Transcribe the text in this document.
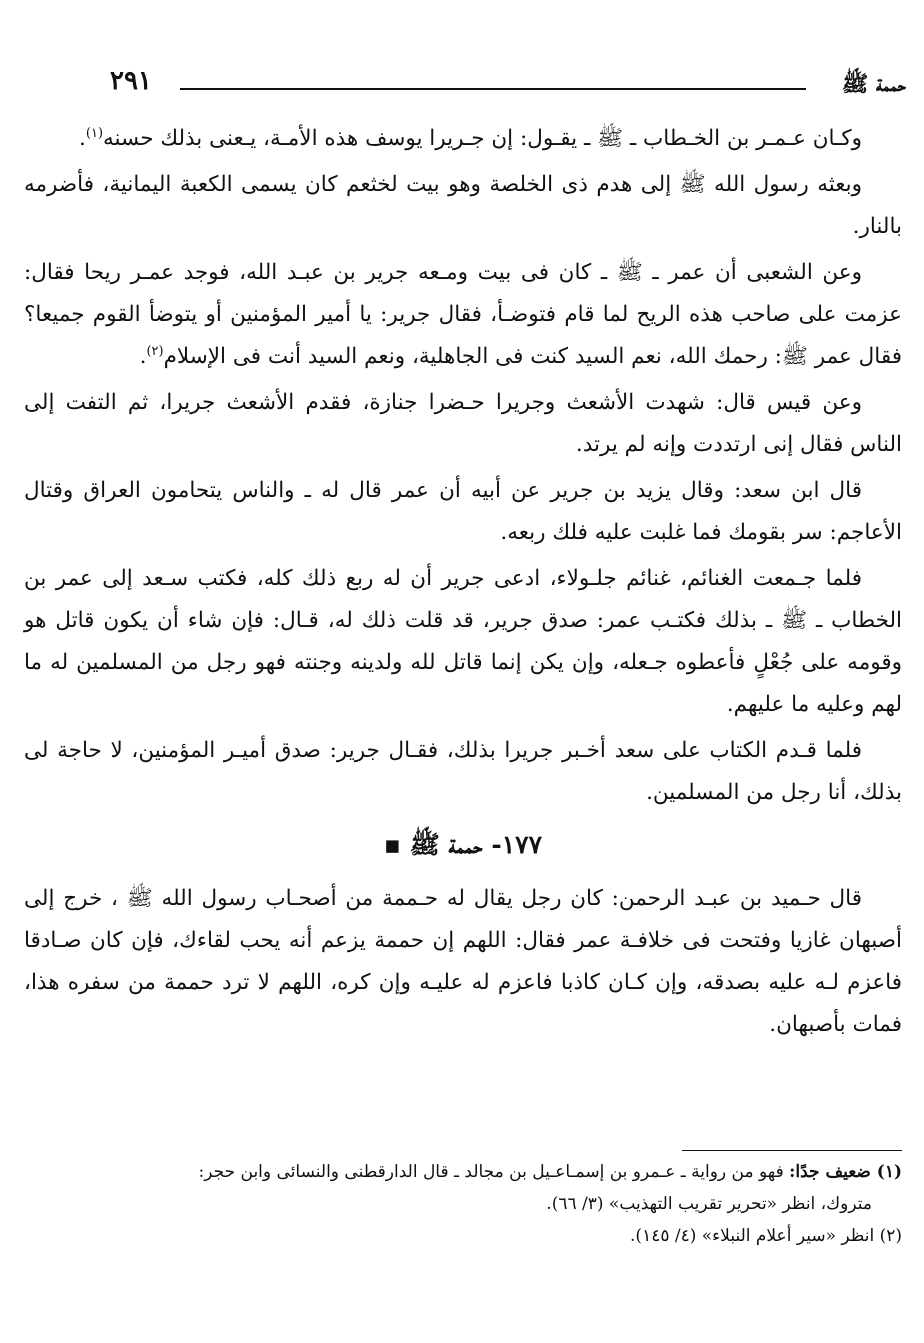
حممة ﷺ
٢٩١

وكـان عـمـر بن الخـطاب ـ ﷺ ـ يقـول: إن جـريرا يوسف هذه الأمـة، يـعنى بذلك حسنه$^{(١)}$.

وبعثه رسول الله ﷺ إلى هدم ذى الخلصة وهو بيت لخثعم كان يسمى الكعبة اليمانية، فأضرمه بالنار.

وعن الشعبى أن عمر ـ ﷺ ـ كان فى بيت ومـعه جرير بن عبـد الله، فوجد عمـر ريحا فقال: عزمت على صاحب هذه الريح لما قام فتوضـأ، فقال جرير: يا أمير المؤمنين أو يتوضأ القوم جميعا؟ فقال عمر ﷺ: رحمك الله، نعم السيد كنت فى الجاهلية، ونعم السيد أنت فى الإسلام$^{(٢)}$.

وعن قيس قال: شهدت الأشعث وجريرا حـضرا جنازة، فقدم الأشعث جريرا، ثم التفت إلى الناس فقال إنى ارتددت وإنه لم يرتد.

قال ابن سعد: وقال يزيد بن جرير عن أبيه أن عمر قال له ـ والناس يتحامون العراق وقتال الأعاجم: سر بقومك فما غلبت عليه فلك ربعه.

فلما جـمعت الغنائم، غنائم جلـولاء، ادعى جرير أن له ربع ذلك كله، فكتب سـعد إلى عمر بن الخطاب ـ ﷺ ـ بذلك فكتـب عمر: صدق جرير، قد قلت ذلك له، قـال: فإن شاء أن يكون قاتل هو وقومه على جُعْلٍ فأعطوه جـعله، وإن يكن إنما قاتل لله ولدينه وجنته فهو رجل من المسلمين له ما لهم وعليه ما عليهم.

فلما قـدم الكتاب على سعد أخـبر جريرا بذلك، فقـال جرير: صدق أميـر المؤمنين، لا حاجة لى بذلك، أنا رجل من المسلمين.

١٧٧- حممة ﷺ ▪

قال حـميد بن عبـد الرحمن: كان رجل يقال له حـممة من أصحـاب رسول الله ﷺ ، خرج إلى أصبهان غازيا وفتحت فى خلافـة عمر فقال: اللهم إن حممة يزعم أنه يحب لقاءك، فإن كان صـادقا فاعزم لـه عليه بصدقه، وإن كـان كاذبا فاعزم له عليـه وإن كره، اللهم لا ترد حممة من سفره هذا، فمات بأصبهان.

(١) ضعيف جدًا: فهو من رواية ـ عـمرو بن إسمـاعـيل بن مجالد ـ قال الدارقطنى والنسائى وابن حجر:

متروك، انظر «تحرير تقريب التهذيب» (٣/ ٦٦).

(٢) انظر «سير أعلام النبلاء» (٤/ ١٤٥).
